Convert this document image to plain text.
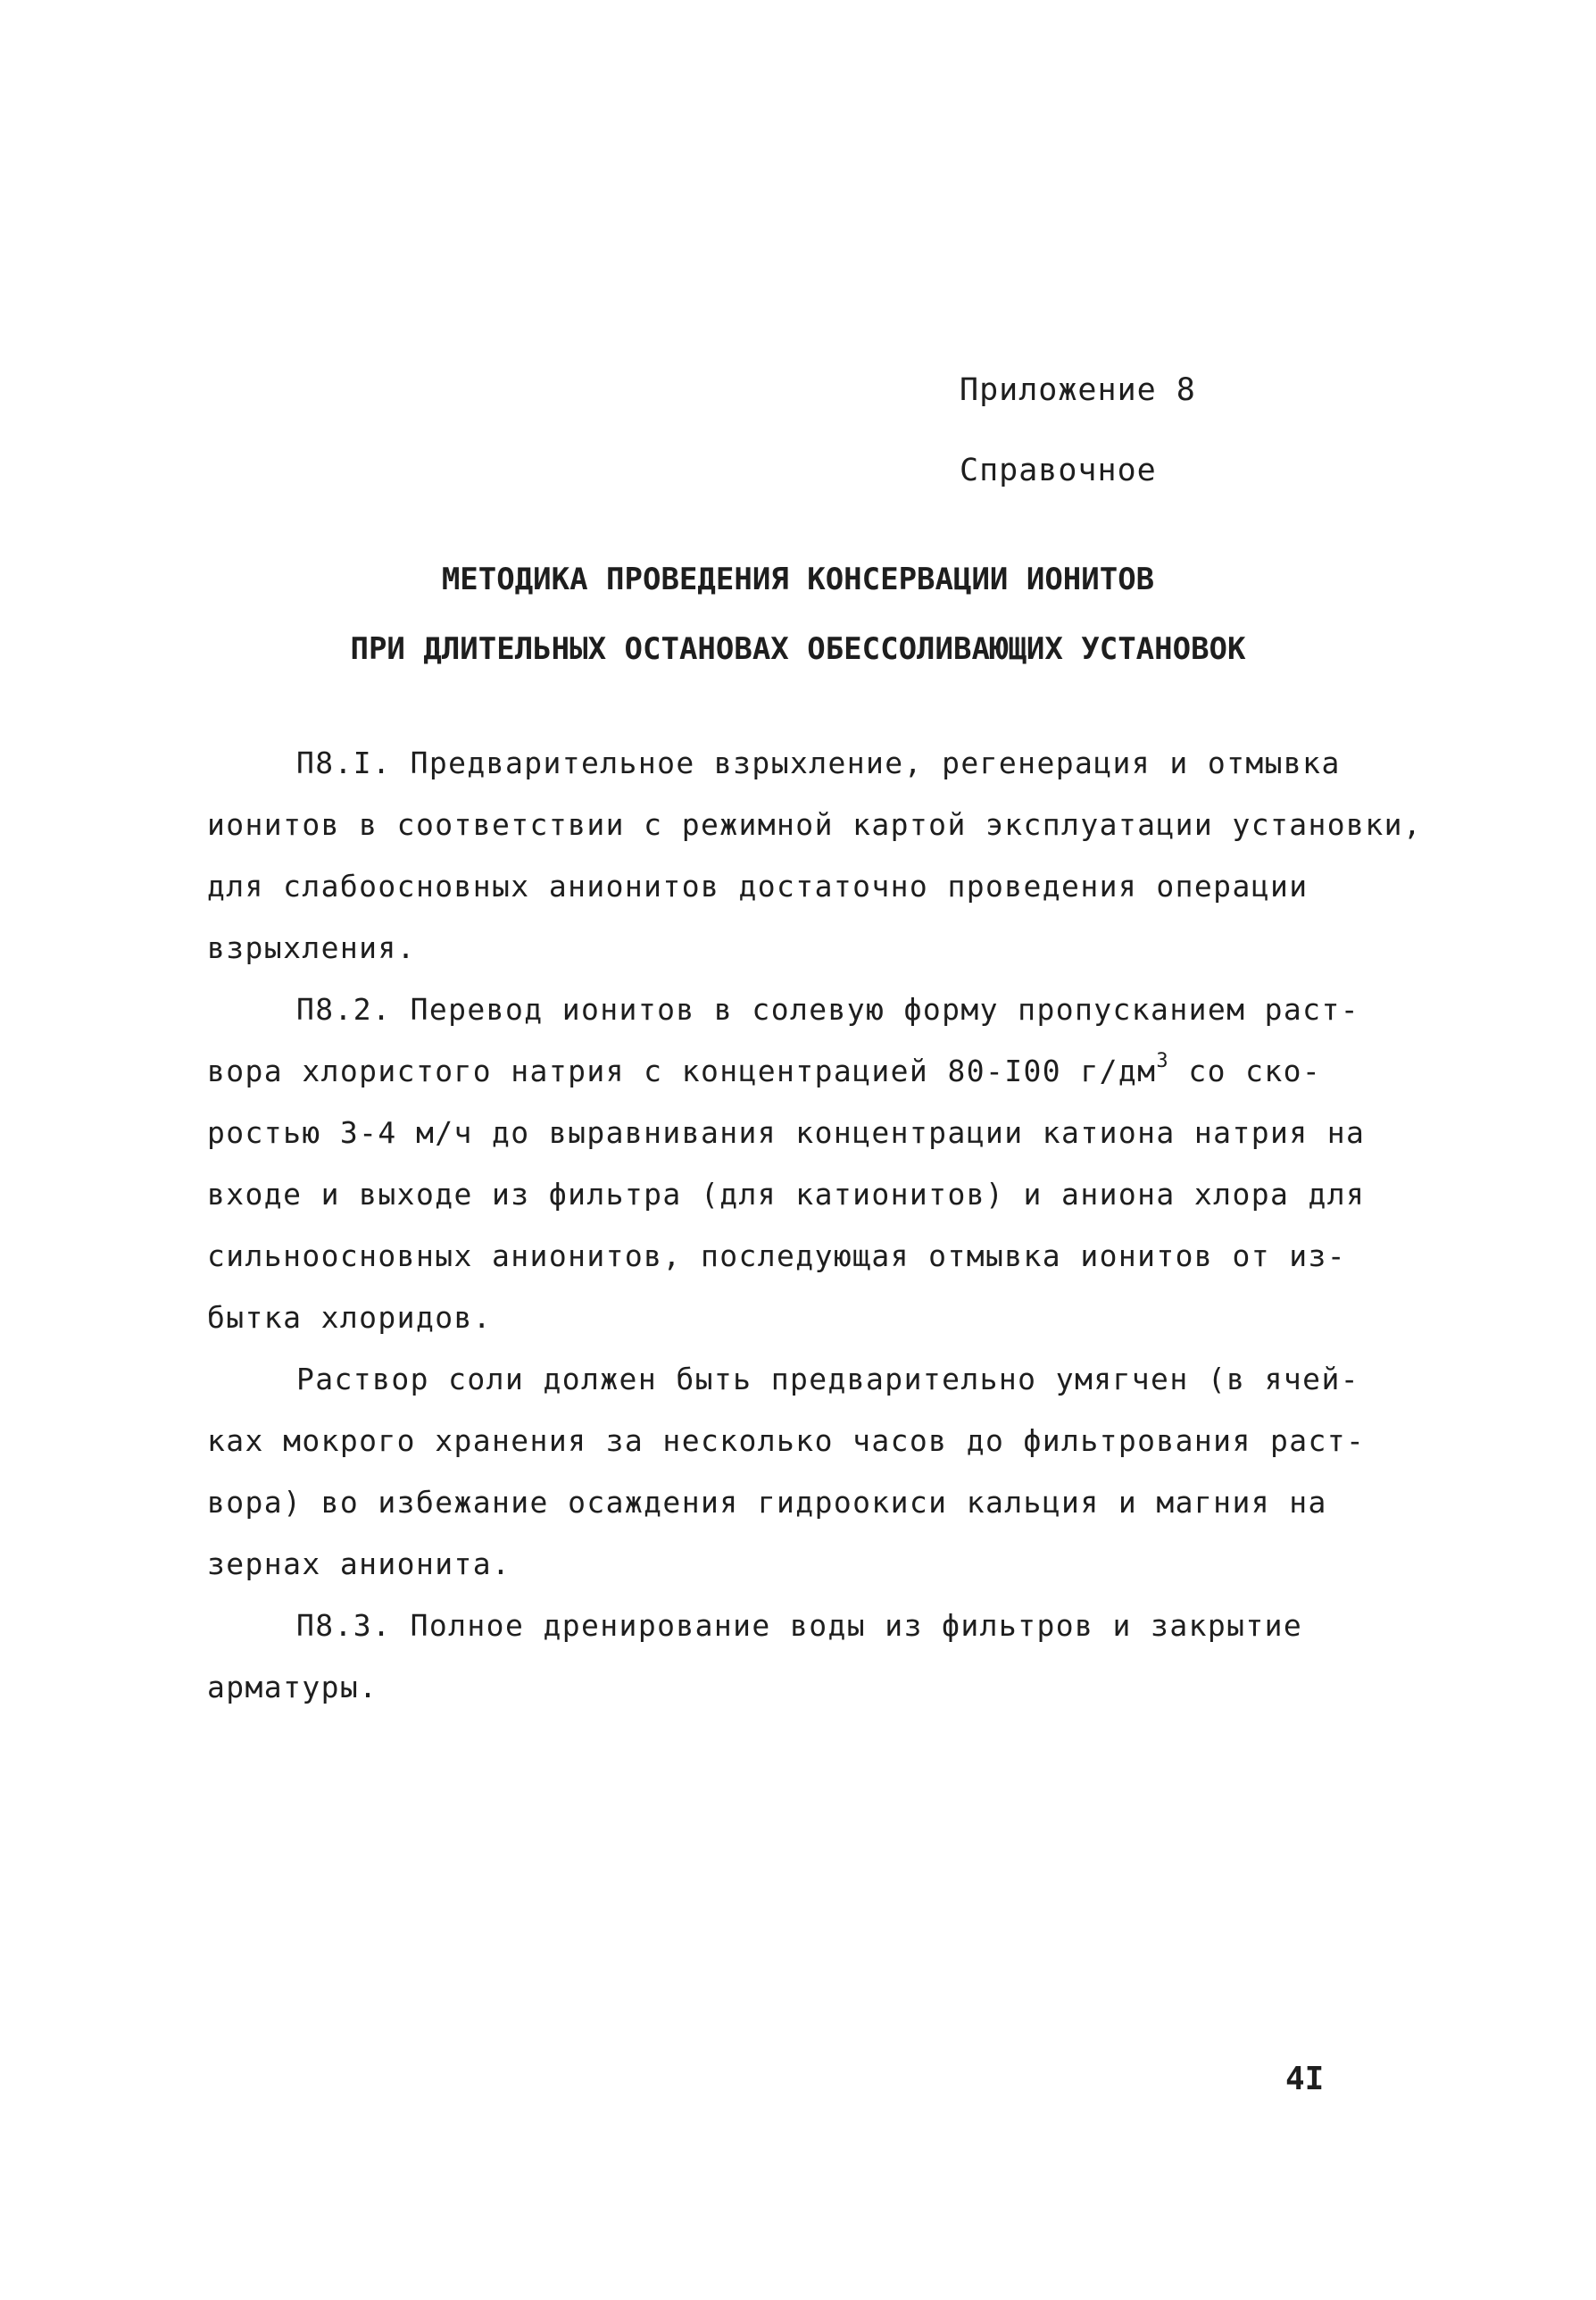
Приложение 8
Справочное
МЕТОДИКА ПРОВЕДЕНИЯ КОНСЕРВАЦИИ ИОНИТОВ
ПРИ ДЛИТЕЛЬНЫХ ОСТАНОВАХ ОБЕССОЛИВАЮЩИХ УСТАНОВОК
П8.I. Предварительное взрыхление, регенерация и отмывка
ионитов в соответствии с режимной картой эксплуатации установки,
для слабоосновных анионитов достаточно проведения операции
взрыхления.
П8.2. Перевод ионитов в солевую форму пропусканием раст-
вора хлористого натрия с концентрацией 80-I00 $г/дм^3$ со ско-
ростью 3-4 м/ч до выравнивания концентрации катиона натрия на
входе и выходе из фильтра (для катионитов) и аниона хлора для
сильноосновных анионитов, последующая отмывка ионитов от из-
бытка хлоридов.
Раствор соли должен быть предварительно умягчен (в ячей-
ках мокрого хранения за несколько часов до фильтрования раст-
вора) во избежание осаждения гидроокиси кальция и магния на
зернах анионита.
П8.3. Полное дренирование воды из фильтров и закрытие
арматуры.
4I
